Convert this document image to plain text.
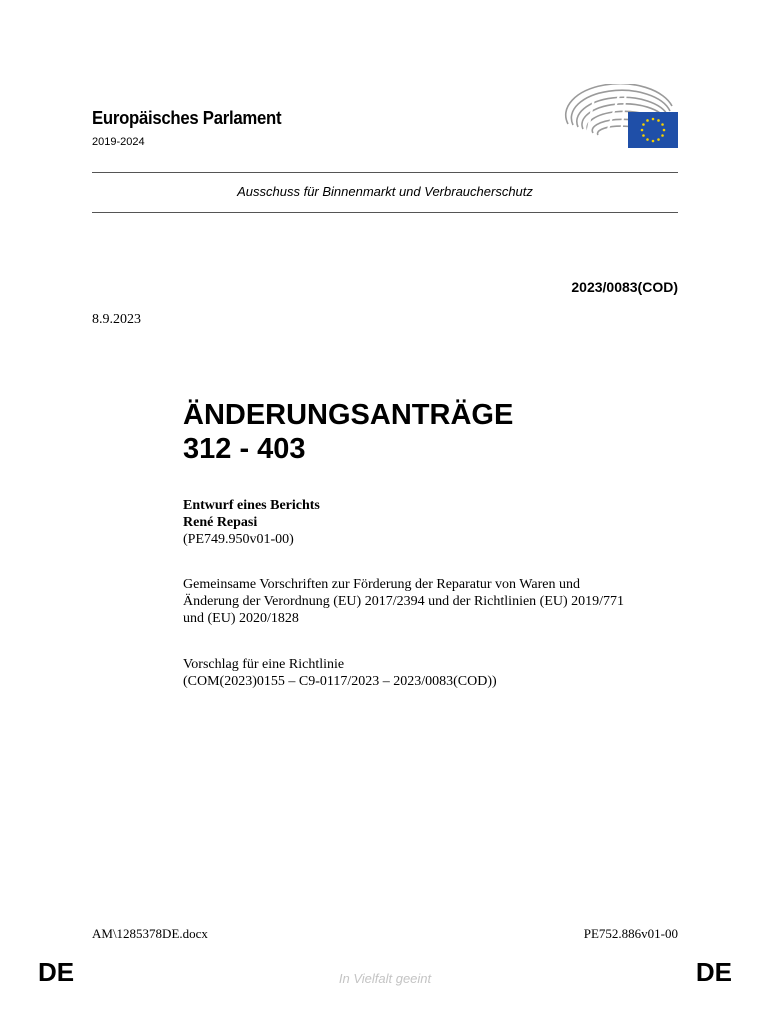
Europäisches Parlament
2019-2024
Ausschuss für Binnenmarkt und Verbraucherschutz
2023/0083(COD)
8.9.2023
ÄNDERUNGSANTRÄGE
312 - 403
Entwurf eines Berichts
René Repasi
(PE749.950v01-00)
Gemeinsame Vorschriften zur Förderung der Reparatur von Waren und
Änderung der Verordnung (EU) 2017/2394 und der Richtlinien (EU) 2019/771
und (EU) 2020/1828
Vorschlag für eine Richtlinie
(COM(2023)0155 – C9-0117/2023 – 2023/0083(COD))
AM\1285378DE.docx	PE752.886v01-00
DE	In Vielfalt geeint	DE
